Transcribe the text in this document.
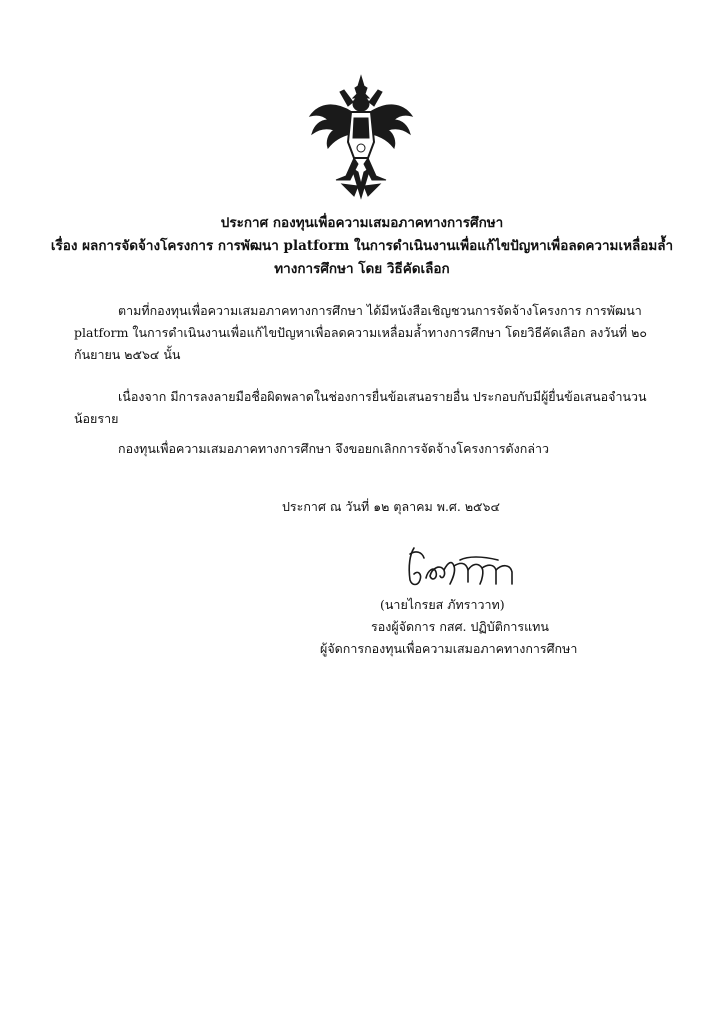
ประกาศ กองทุนเพื่อความเสมอภาคทางการศึกษา
เรื่อง ผลการจัดจ้างโครงการ การพัฒนา platform ในการดำเนินงานเพื่อแก้ไขปัญหาเพื่อลดความเหลื่อมล้ำ
ทางการศึกษา โดย วิธีคัดเลือก
ตามที่กองทุนเพื่อความเสมอภาคทางการศึกษา ได้มีหนังสือเชิญชวนการจัดจ้างโครงการ การพัฒนา
platform ในการดำเนินงานเพื่อแก้ไขปัญหาเพื่อลดความเหลื่อมล้ำทางการศึกษา โดยวิธีคัดเลือก ลงวันที่ ๒๐
กันยายน ๒๕๖๔ นั้น
เนื่องจาก มีการลงลายมือชื่อผิดพลาดในช่องการยื่นข้อเสนอรายอื่น ประกอบกับมีผู้ยื่นข้อเสนอจำนวน
น้อยราย
กองทุนเพื่อความเสมอภาคทางการศึกษา จึงขอยกเลิกการจัดจ้างโครงการดังกล่าว
ประกาศ ณ วันที่ ๑๒ ตุลาคม พ.ศ. ๒๕๖๔
(นายไกรยส ภัทราวาท)
รองผู้จัดการ กสศ. ปฏิบัติการแทน
ผู้จัดการกองทุนเพื่อความเสมอภาคทางการศึกษา
